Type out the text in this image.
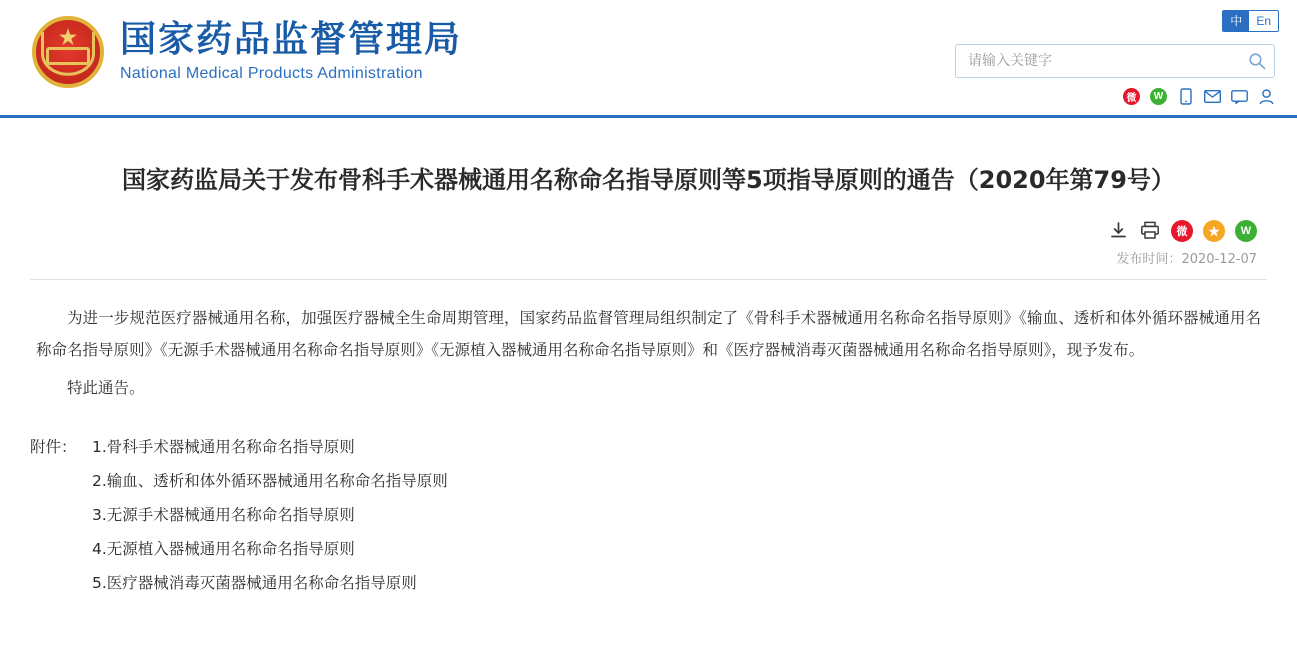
中	En
★ 国家药品监督管理局
National Medical Products Administration
请输入关键字
微	W
国家药监局关于发布骨科手术器械通用名称命名指导原则等5项指导原则的通告（2020年第79号）
微	★	W
发布时间：2020-12-07

为进一步规范医疗器械通用名称，加强医疗器械全生命周期管理，国家药品监督管理局组织制定了《骨科手术器械通用名称命名指导原则》《输血、透析和体外循环器械通用名称命名指导原则》《无源手术器械通用名称命名指导原则》《无源植入器械通用名称命名指导原则》和《医疗器械消毒灭菌器械通用名称命名指导原则》，现予发布。

特此通告。

附件： 1.骨科手术器械通用名称命名指导原则
2.输血、透析和体外循环器械通用名称命名指导原则
3.无源手术器械通用名称命名指导原则
4.无源植入器械通用名称命名指导原则
5.医疗器械消毒灭菌器械通用名称命名指导原则
